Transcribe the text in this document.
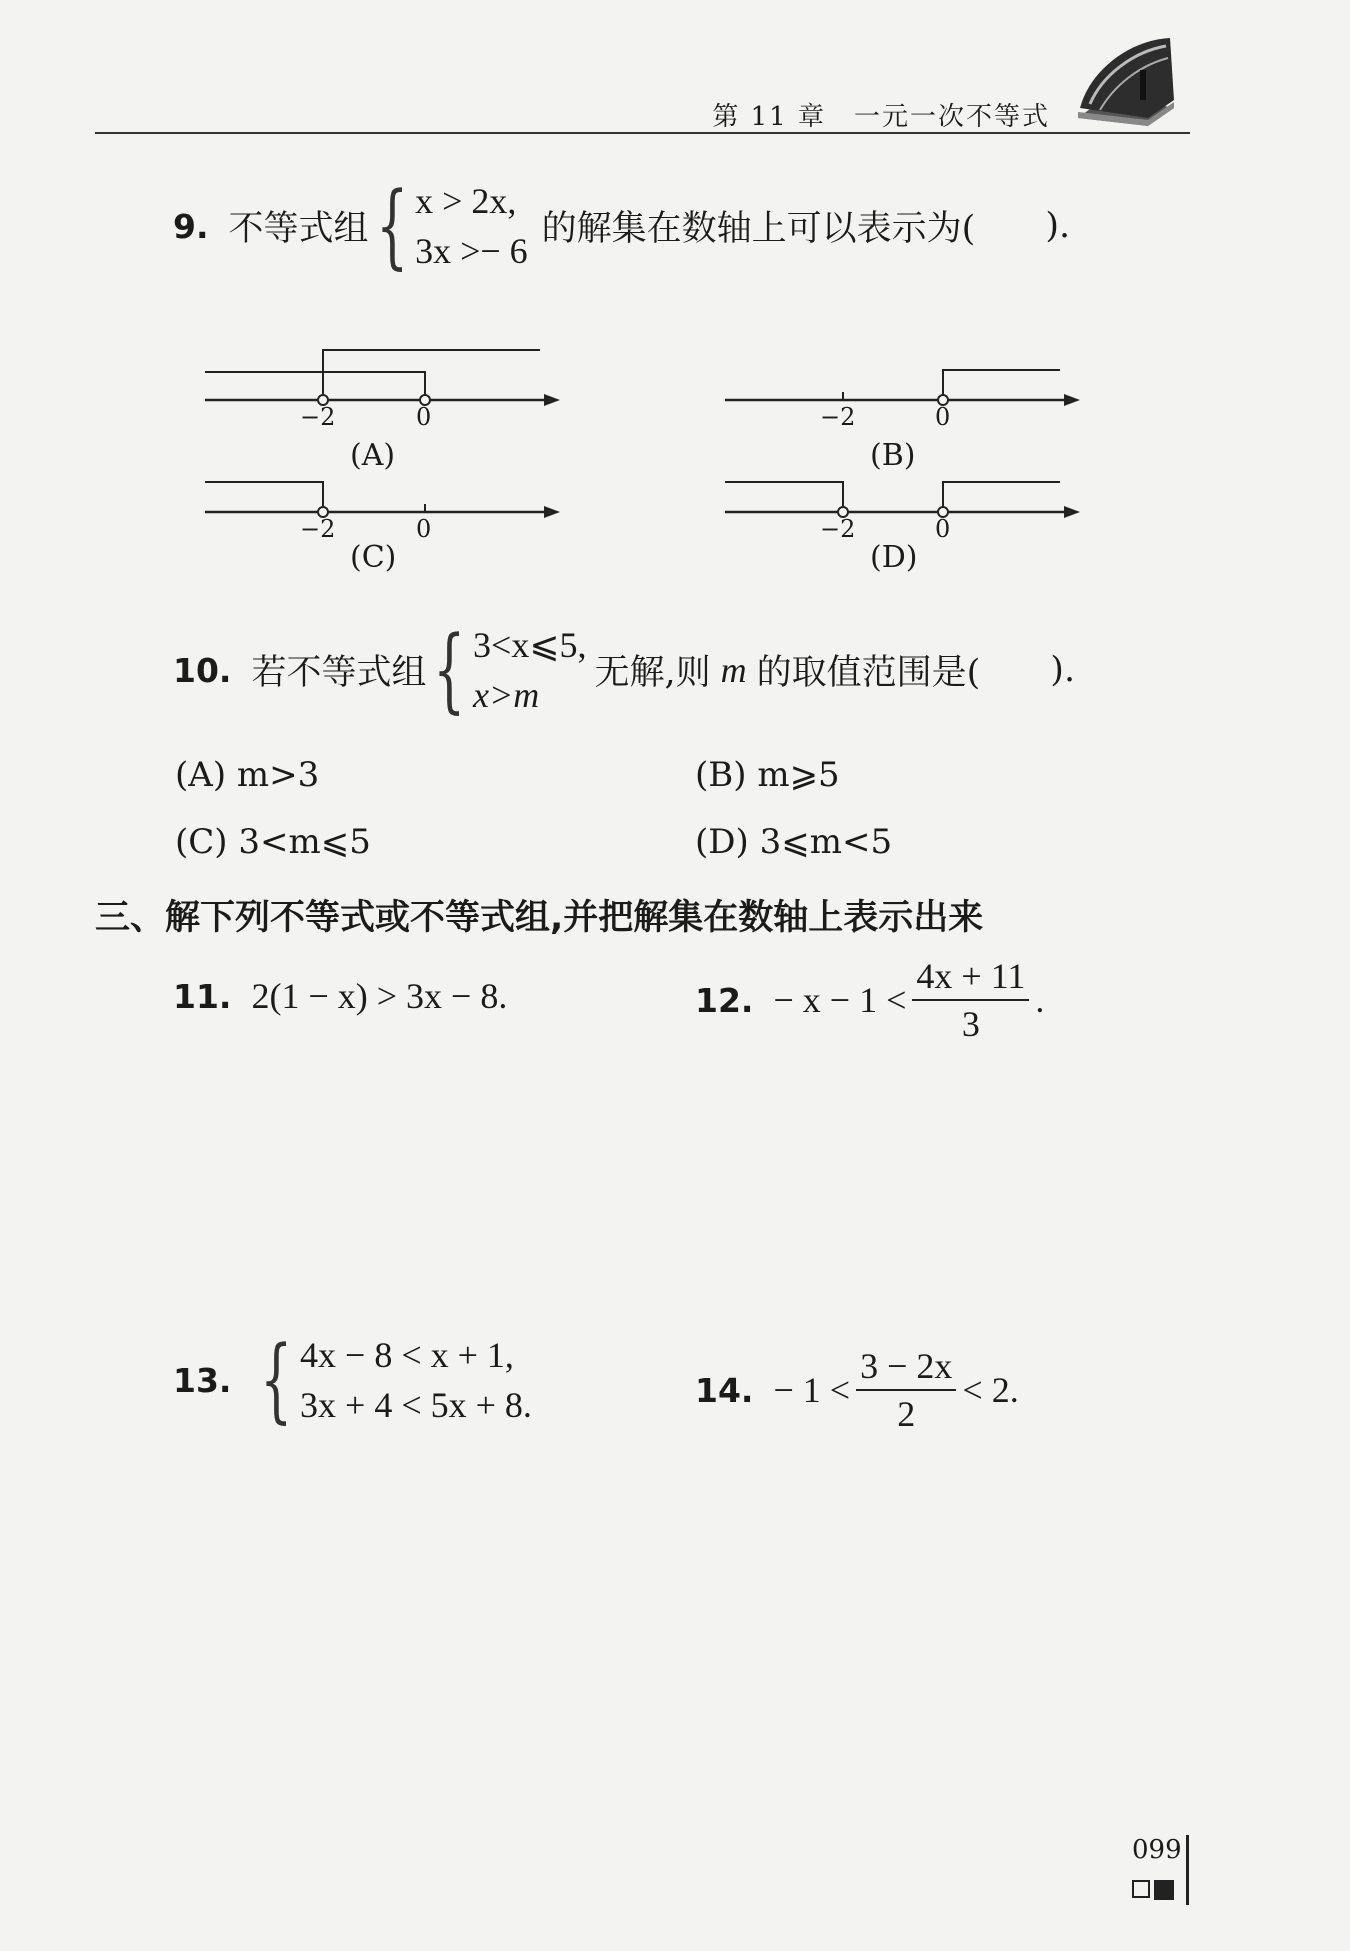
第 11 章 一元一次不等式
9. 不等式组 { x > 2x,
3x >− 6
的解集在数轴上可以表示为( ).
−2	0
(A)
−2	0
(B)
−2	0
(C)
−2	0
(D)
10. 若不等式组 { 3<x⩽5,
x>m
无解,则 m 的取值范围是( ).
(A) m>3	(B) m⩾5
(C) 3<m⩽5	(D) 3⩽m<5
三、解下列不等式或不等式组,并把解集在数轴上表示出来
11. 2(1 − x) > 3x − 8.	12. − $x - 1 < \frac{4x + 11}{3}$ .
13. { 4x − 8 < x + 1,
3x + 4 < 5x + 8.	14. − $1 < \frac{3 - 2x}{2} < 2$.
099
